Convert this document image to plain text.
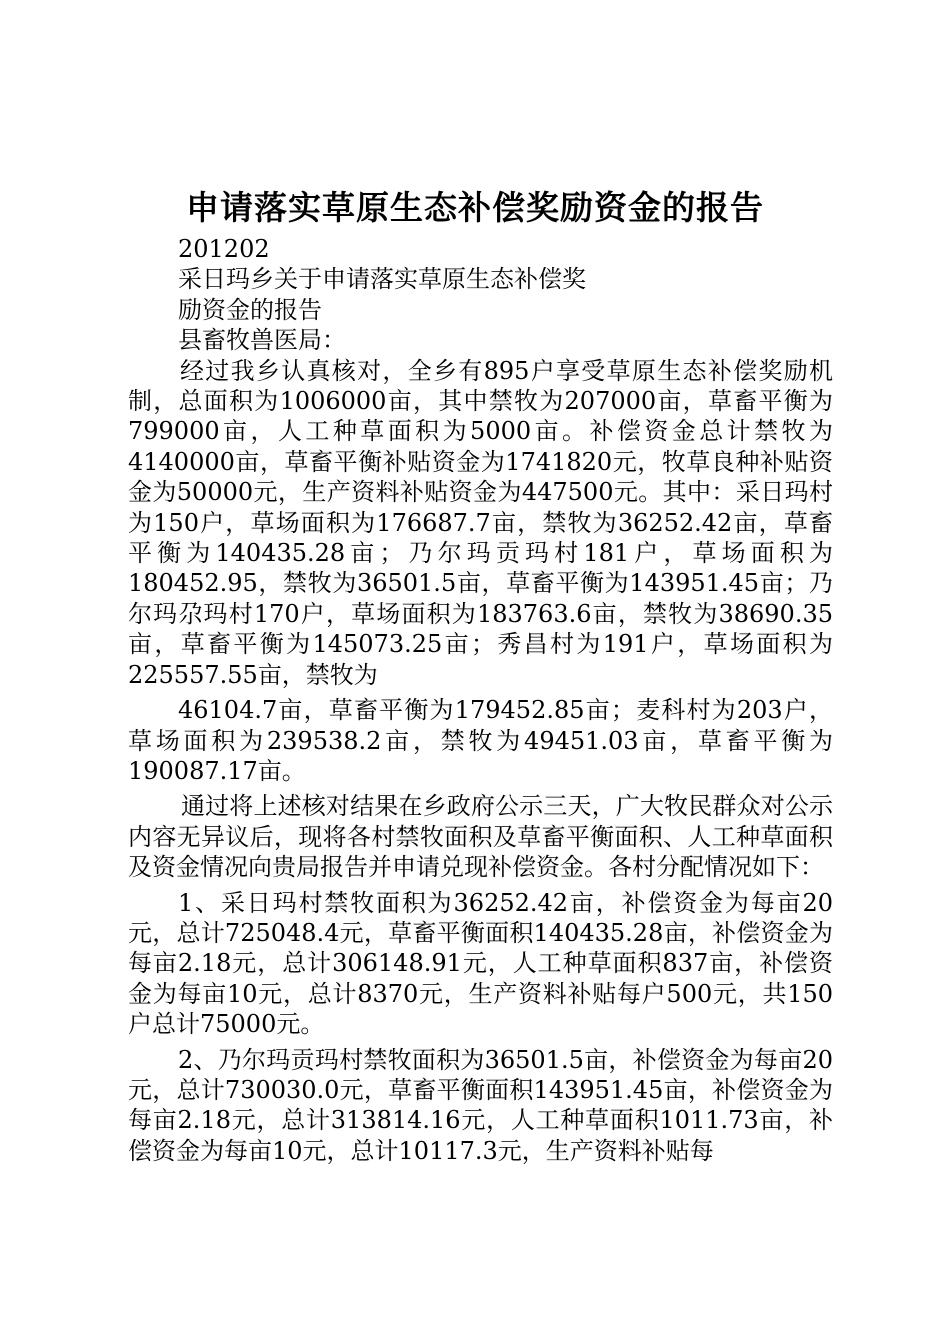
申请落实草原生态补偿奖励资金的报告

201202

采日玛乡关于申请落实草原生态补偿奖

励资金的报告

县畜牧兽医局：

经过我乡认真核对，全乡有895户享受草原生态补偿奖励机制，总面积为1006000亩，其中禁牧为207000亩，草畜平衡为799000亩，人工种草面积为5000亩。补偿资金总计禁牧为4140000亩，草畜平衡补贴资金为1741820元，牧草良种补贴资金为50000元，生产资料补贴资金为447500元。其中：采日玛村为150户，草场面积为176687.7亩，禁牧为36252.42亩，草畜平衡为140435.28亩；乃尔玛贡玛村181户，草场面积为180452.95，禁牧为36501.5亩，草畜平衡为143951.45亩；乃尔玛尕玛村170户，草场面积为183763.6亩，禁牧为38690.35亩，草畜平衡为145073.25亩；秀昌村为191户，草场面积为225557.55亩，禁牧为

46104.7亩，草畜平衡为179452.85亩；麦科村为203户，草场面积为239538.2亩，禁牧为49451.03亩，草畜平衡为190087.17亩。

通过将上述核对结果在乡政府公示三天，广大牧民群众对公示内容无异议后，现将各村禁牧面积及草畜平衡面积、人工种草面积及资金情况向贵局报告并申请兑现补偿资金。各村分配情况如下：

1、采日玛村禁牧面积为36252.42亩，补偿资金为每亩20元，总计725048.4元，草畜平衡面积140435.28亩，补偿资金为每亩2.18元，总计306148.91元，人工种草面积837亩，补偿资金为每亩10元，总计8370元，生产资料补贴每户500元，共150户总计75000元。

2、乃尔玛贡玛村禁牧面积为36501.5亩，补偿资金为每亩20元，总计730030.0元，草畜平衡面积143951.45亩，补偿资金为每亩2.18元，总计313814.16元，人工种草面积1011.73亩，补偿资金为每亩10元，总计10117.3元，生产资料补贴每
